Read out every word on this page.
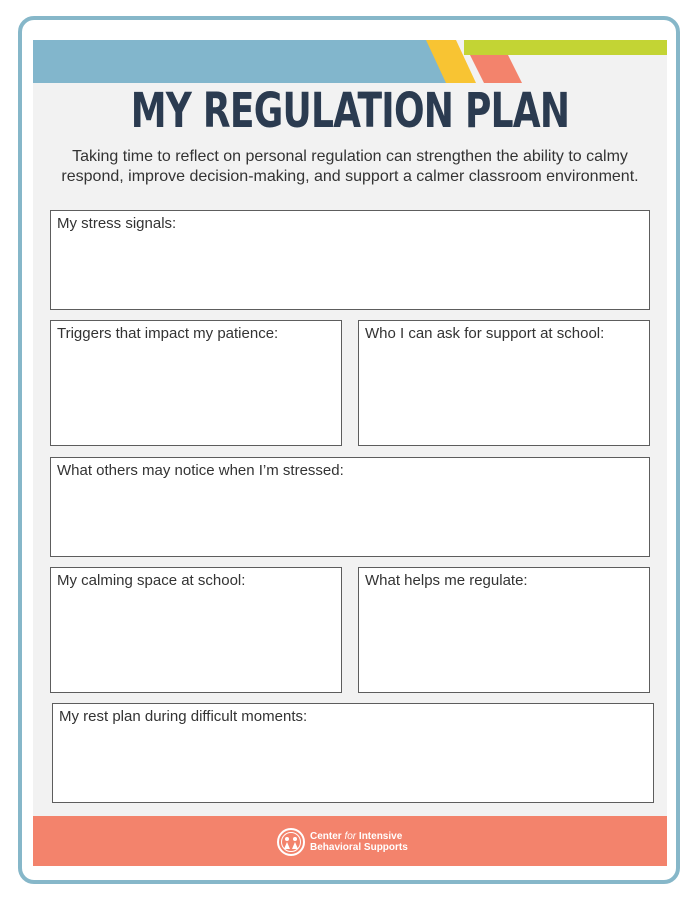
MY REGULATION PLAN
Taking time to reflect on personal regulation can strengthen the ability to calmy respond, improve decision-making, and support a calmer classroom environment.
My stress signals:
Triggers that impact my patience:	Who I can ask for support at school:
What others may notice when I’m stressed:
My calming space at school:	What helps me regulate:
My rest plan during difficult moments:
Center for Intensive
Behavioral Supports
